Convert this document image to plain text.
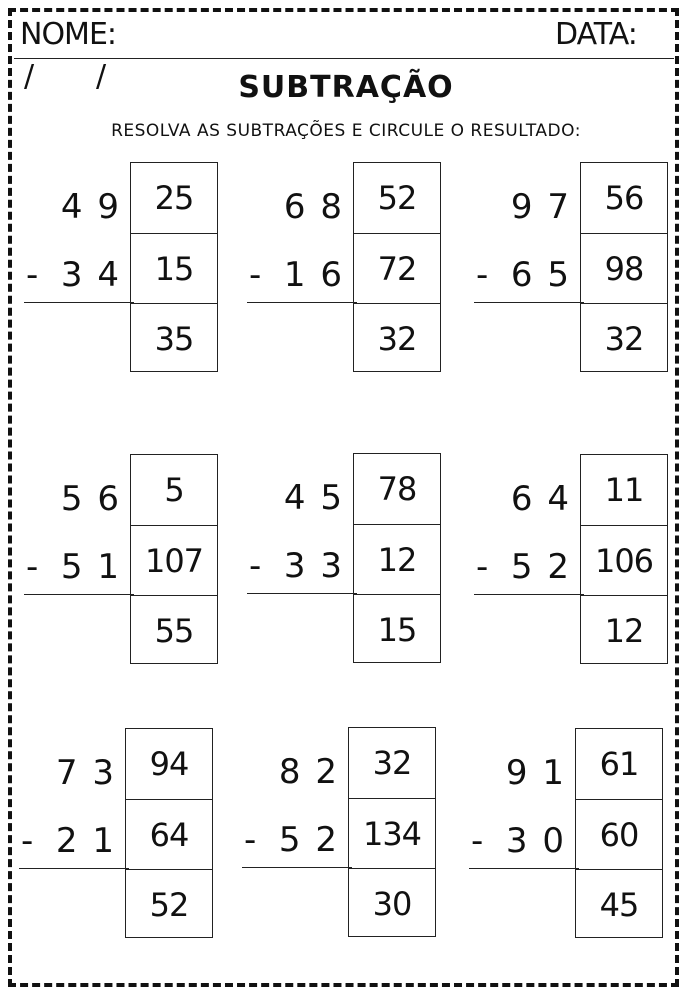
NOME:	DATA:
/ /	SUBTRAÇÃO
RESOLVA AS SUBTRAÇÕES E CIRCULE O RESULTADO:
4 9
- 3 4
25
15
35
6 8
- 1 6
52
72
32
9 7
- 6 5
56
98
32
5 6
- 5 1
5
107
55
4 5
- 3 3
78
12
15
6 4
- 5 2
11
106
12
7 3
- 2 1
94
64
52
8 2
- 5 2
32
134
30
9 1
- 3 0
61
60
45
